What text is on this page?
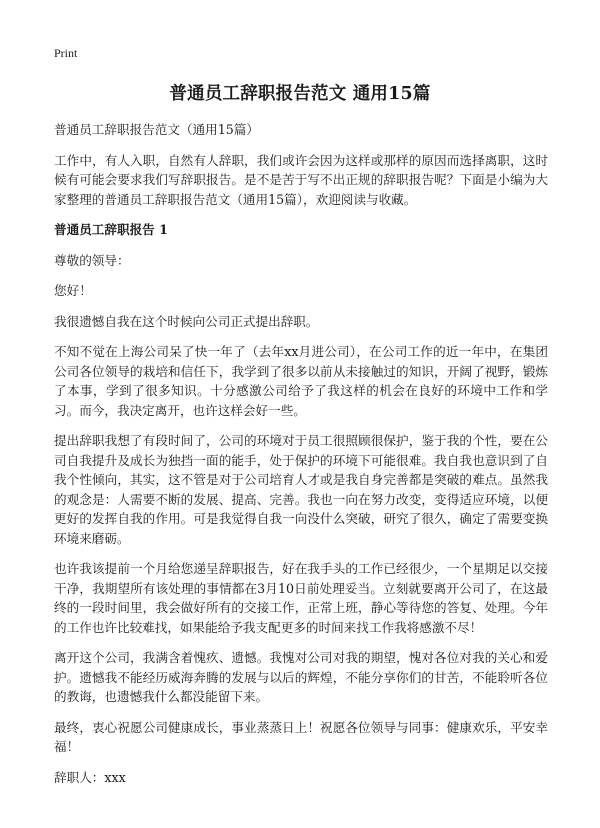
Print
普通员工辞职报告范文 通用15篇

普通员工辞职报告范文（通用15篇）

工作中，有人入职，自然有人辞职，我们或许会因为这样或那样的原因而选择离职，这时候有可能会要求我们写辞职报告。是不是苦于写不出正规的辞职报告呢？下面是小编为大家整理的普通员工辞职报告范文（通用15篇），欢迎阅读与收藏。

普通员工辞职报告 1

尊敬的领导：

您好！

我很遗憾自我在这个时候向公司正式提出辞职。

不知不觉在上海公司呆了快一年了（去年xx月进公司），在公司工作的近一年中，在集团公司各位领导的栽培和信任下，我学到了很多以前从未接触过的知识，开阔了视野，锻炼了本事，学到了很多知识。十分感激公司给予了我这样的机会在良好的环境中工作和学习。而今，我决定离开，也许这样会好一些。

提出辞职我想了有段时间了，公司的环境对于员工很照顾很保护，鉴于我的个性，要在公司自我提升及成长为独挡一面的能手，处于保护的环境下可能很难。我自我也意识到了自我个性倾向，其实，这不管是对于公司培育人才或是我自身完善都是突破的难点。虽然我的观念是：人需要不断的发展、提高、完善。我也一向在努力改变，变得适应环境，以便更好的发挥自我的作用。可是我觉得自我一向没什么突破，研究了很久，确定了需要变换环境来磨砺。

也许我该提前一个月给您递呈辞职报告，好在我手头的工作已经很少，一个星期足以交接干净，我期望所有该处理的事情都在3月10日前处理妥当。立刻就要离开公司了，在这最终的一段时间里，我会做好所有的交接工作，正常上班，静心等待您的答复、处理。今年的工作也许比较难找，如果能给予我支配更多的时间来找工作我将感激不尽！

离开这个公司，我满含着愧疚、遗憾。我愧对公司对我的期望，愧对各位对我的关心和爱护。遗憾我不能经历威海奔腾的发展与以后的辉煌，不能分享你们的甘苦，不能聆听各位的教诲，也遗憾我什么都没能留下来。

最终，衷心祝愿公司健康成长，事业蒸蒸日上！祝愿各位领导与同事：健康欢乐，平安幸福！

辞职人：xxx
